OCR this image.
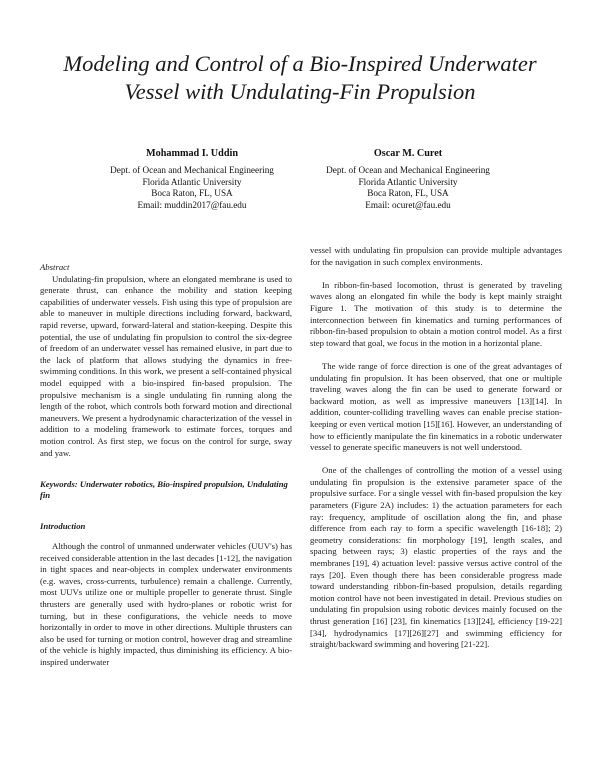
Modeling and Control of a Bio-Inspired Underwater
Vessel with Undulating-Fin Propulsion
Mohammad I. Uddin
Dept. of Ocean and Mechanical Engineering
Florida Atlantic University
Boca Raton, FL, USA
Email: muddin2017@fau.edu
Oscar M. Curet
Dept. of Ocean and Mechanical Engineering
Florida Atlantic University
Boca Raton, FL, USA
Email: ocuret@fau.edu

Abstract

Undulating-fin propulsion, where an elongated membrane is used to generate thrust, can enhance the mobility and station keeping capabilities of underwater vessels. Fish using this type of propulsion are able to maneuver in multiple directions including forward, backward, rapid reverse, upward, forward-lateral and station-keeping. Despite this potential, the use of undulating fin propulsion to control the six-degree of freedom of an underwater vessel has remained elusive, in part due to the lack of platform that allows studying the dynamics in free-swimming conditions. In this work, we present a self-contained physical model equipped with a bio-inspired fin-based propulsion. The propulsive mechanism is a single undulating fin running along the length of the robot, which controls both forward motion and directional maneuvers. We present a hydrodynamic characterization of the vessel in addition to a modeling framework to estimate forces, torques and motion control. As first step, we focus on the control for surge, sway and yaw.

Keywords: Underwater robotics, Bio-inspired propulsion, Undulating fin

Introduction

Although the control of unmanned underwater vehicles (UUV's) has received considerable attention in the last decades [1-12], the navigation in tight spaces and near-objects in complex underwater environments (e.g. waves, cross-currents, turbulence) remain a challenge. Currently, most UUVs utilize one or multiple propeller to generate thrust. Single thrusters are generally used with hydro-planes or robotic wrist for turning, but in these configurations, the vehicle needs to move horizontally in order to move in other directions. Multiple thrusters can also be used for turning or motion control, however drag and streamline of the vehicle is highly impacted, thus diminishing its efficiency. A bio-inspired underwater

vessel with undulating fin propulsion can provide multiple advantages for the navigation in such complex environments.

In ribbon-fin-based locomotion, thrust is generated by traveling waves along an elongated fin while the body is kept mainly straight Figure 1. The motivation of this study is to determine the interconnection between fin kinematics and turning performances of ribbon-fin-based propulsion to obtain a motion control model. As a first step toward that goal, we focus in the motion in a horizontal plane.

The wide range of force direction is one of the great advantages of undulating fin propulsion. It has been observed, that one or multiple traveling waves along the fin can be used to generate forward or backward motion, as well as impressive maneuvers [13][14]. In addition, counter-colliding travelling waves can enable precise station-keeping or even vertical motion [15][16]. However, an understanding of how to efficiently manipulate the fin kinematics in a robotic underwater vessel to generate specific maneuvers is not well understood.

One of the challenges of controlling the motion of a vessel using undulating fin propulsion is the extensive parameter space of the propulsive surface. For a single vessel with fin-based propulsion the key parameters (Figure 2A) includes: 1) the actuation parameters for each ray: frequency, amplitude of oscillation along the fin, and phase difference from each ray to form a specific wavelength [16-18]; 2) geometry considerations: fin morphology [19], length scales, and spacing between rays; 3) elastic properties of the rays and the membranes [19], 4) actuation level: passive versus active control of the rays [20]. Even though there has been considerable progress made toward understanding ribbon-fin-based propulsion, details regarding motion control have not been investigated in detail. Previous studies on undulating fin propulsion using robotic devices mainly focused on the thrust generation [16] [23], fin kinematics [13][24], efficiency [19-22][34], hydrodynamics [17][26][27] and swimming efficiency for straight/backward swimming and hovering [21-22].
